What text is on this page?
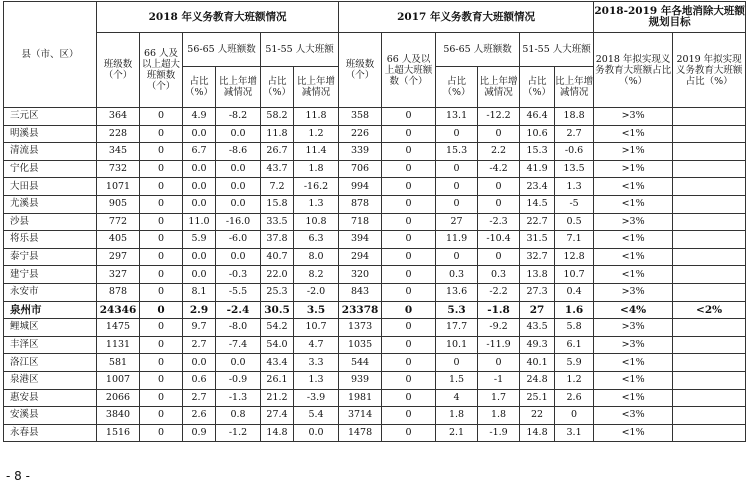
县（市、区）	2018 年义务教育大班额情况						2017 年义务教育大班额情况						2018-2019 年各地消除大班额规划目标	
	班级数（个）	66 人及以上超大班额数（个）	56-65 人班额数		51-55 人大班额		班级数（个）	66 人及以上超大班额数（个）	56-65 人班额数		51-55 人大班额		2018 年拟实现义务教育大班额占比（%）	2019 年拟实现义务教育大班额占比（%）
			占比（%）	比上年增减情况	占比（%）	比上年增减情况			占比（%）	比上年增减情况	占比（%）	比上年增减情况		
三元区	364	0	4.9	-8.2	58.2	11.8	358	0	13.1	-12.2	46.4	18.8	>3%	
明溪县	228	0	0.0	0.0	11.8	1.2	226	0	0	0	10.6	2.7	<1%	
清流县	345	0	6.7	-8.6	26.7	11.4	339	0	15.3	2.2	15.3	-0.6	>1%	
宁化县	732	0	0.0	0.0	43.7	1.8	706	0	0	-4.2	41.9	13.5	>1%	
大田县	1071	0	0.0	0.0	7.2	-16.2	994	0	0	0	23.4	1.3	<1%	
尤溪县	905	0	0.0	0.0	15.8	1.3	878	0	0	0	14.5	-5	<1%	
沙县	772	0	11.0	-16.0	33.5	10.8	718	0	27	-2.3	22.7	0.5	>3%	
将乐县	405	0	5.9	-6.0	37.8	6.3	394	0	11.9	-10.4	31.5	7.1	<1%	
泰宁县	297	0	0.0	0.0	40.7	8.0	294	0	0	0	32.7	12.8	<1%	
建宁县	327	0	0.0	-0.3	22.0	8.2	320	0	0.3	0.3	13.8	10.7	<1%	
永安市	878	0	8.1	-5.5	25.3	-2.0	843	0	13.6	-2.2	27.3	0.4	>3%	
泉州市	24346	0	2.9	-2.4	30.5	3.5	23378	0	5.3	-1.8	27	1.6	<4%	<2%
鲤城区	1475	0	9.7	-8.0	54.2	10.7	1373	0	17.7	-9.2	43.5	5.8	>3%	
丰泽区	1131	0	2.7	-7.4	54.0	4.7	1035	0	10.1	-11.9	49.3	6.1	>3%	
洛江区	581	0	0.0	0.0	43.4	3.3	544	0	0	0	40.1	5.9	<1%	
泉港区	1007	0	0.6	-0.9	26.1	1.3	939	0	1.5	-1	24.8	1.2	<1%	
惠安县	2066	0	2.7	-1.3	21.2	-3.9	1981	0	4	1.7	25.1	2.6	<1%	
安溪县	3840	0	2.6	0.8	27.4	5.4	3714	0	1.8	1.8	22	0	<3%	
永春县	1516	0	0.9	-1.2	14.8	0.0	1478	0	2.1	-1.9	14.8	3.1	<1%	
- 8 -
